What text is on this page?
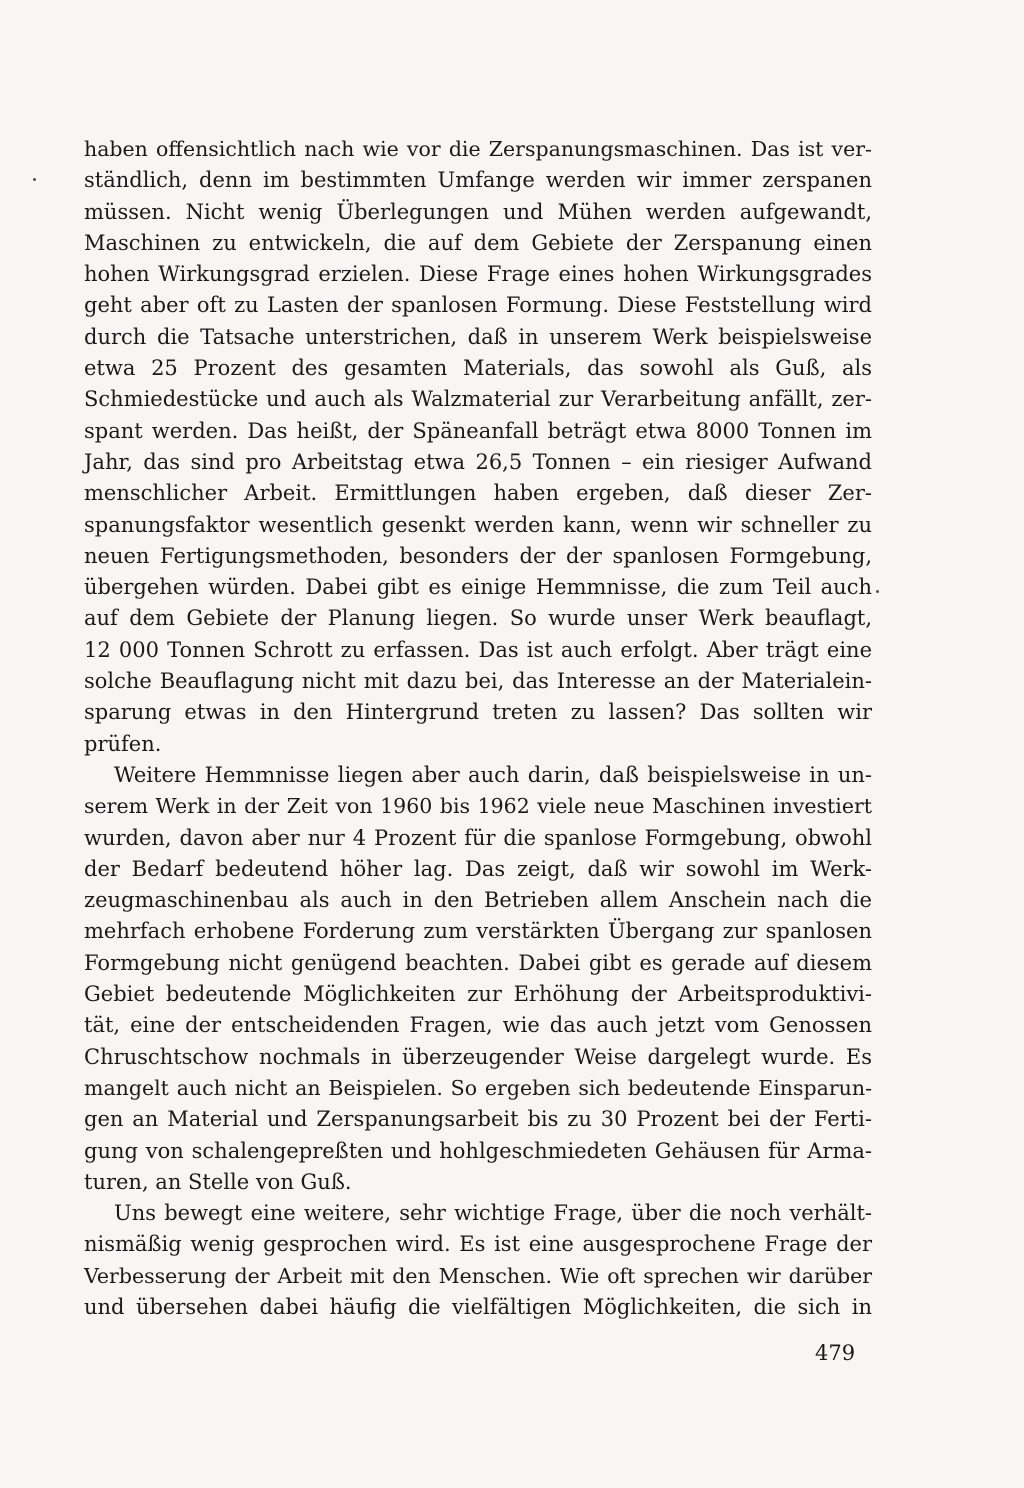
haben offensichtlich nach wie vor die Zerspanungsmaschinen. Das ist ver-
ständlich, denn im bestimmten Umfange werden wir immer zerspanen
müssen. Nicht wenig Überlegungen und Mühen werden aufgewandt,
Maschinen zu entwickeln, die auf dem Gebiete der Zerspanung einen
hohen Wirkungsgrad erzielen. Diese Frage eines hohen Wirkungsgrades
geht aber oft zu Lasten der spanlosen Formung. Diese Feststellung wird
durch die Tatsache unterstrichen, daß in unserem Werk beispielsweise
etwa 25 Prozent des gesamten Materials, das sowohl als Guß, als
Schmiedestücke und auch als Walzmaterial zur Verarbeitung anfällt, zer-
spant werden. Das heißt, der Späneanfall beträgt etwa 8000 Tonnen im
Jahr, das sind pro Arbeitstag etwa 26,5 Tonnen – ein riesiger Aufwand
menschlicher Arbeit. Ermittlungen haben ergeben, daß dieser Zer-
spanungsfaktor wesentlich gesenkt werden kann, wenn wir schneller zu
neuen Fertigungsmethoden, besonders der der spanlosen Formgebung,
übergehen würden. Dabei gibt es einige Hemmnisse, die zum Teil auch
auf dem Gebiete der Planung liegen. So wurde unser Werk beauflagt,
12 000 Tonnen Schrott zu erfassen. Das ist auch erfolgt. Aber trägt eine
solche Beauflagung nicht mit dazu bei, das Interesse an der Materialein-
sparung etwas in den Hintergrund treten zu lassen? Das sollten wir
prüfen.
Weitere Hemmnisse liegen aber auch darin, daß beispielsweise in un-
serem Werk in der Zeit von 1960 bis 1962 viele neue Maschinen investiert
wurden, davon aber nur 4 Prozent für die spanlose Formgebung, obwohl
der Bedarf bedeutend höher lag. Das zeigt, daß wir sowohl im Werk-
zeugmaschinenbau als auch in den Betrieben allem Anschein nach die
mehrfach erhobene Forderung zum verstärkten Übergang zur spanlosen
Formgebung nicht genügend beachten. Dabei gibt es gerade auf diesem
Gebiet bedeutende Möglichkeiten zur Erhöhung der Arbeitsproduktivi-
tät, eine der entscheidenden Fragen, wie das auch jetzt vom Genossen
Chruschtschow nochmals in überzeugender Weise dargelegt wurde. Es
mangelt auch nicht an Beispielen. So ergeben sich bedeutende Einsparun-
gen an Material und Zerspanungsarbeit bis zu 30 Prozent bei der Ferti-
gung von schalengepreßten und hohlgeschmiedeten Gehäusen für Arma-
turen, an Stelle von Guß.
Uns bewegt eine weitere, sehr wichtige Frage, über die noch verhält-
nismäßig wenig gesprochen wird. Es ist eine ausgesprochene Frage der
Verbesserung der Arbeit mit den Menschen. Wie oft sprechen wir darüber
und übersehen dabei häufig die vielfältigen Möglichkeiten, die sich in
479
